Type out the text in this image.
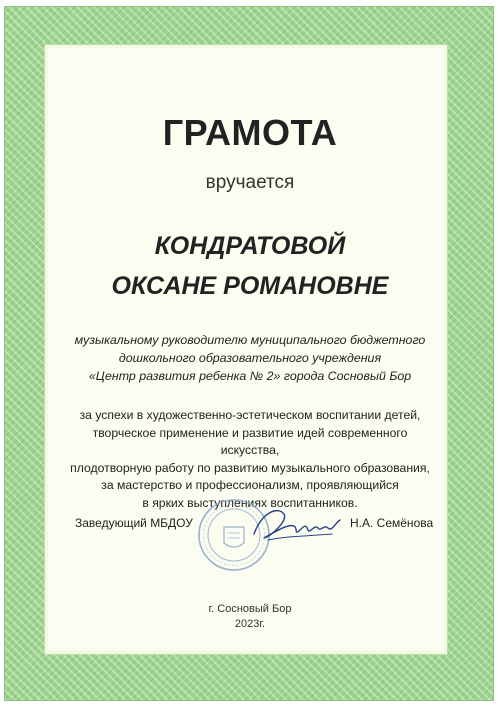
ГРАМОТА
вручается
КОНДРАТОВОЙ
ОКСАНЕ РОМАНОВНЕ
музыкальному руководителю муниципального бюджетного
дошкольного образовательного учреждения
«Центр развития ребенка № 2» города Сосновый Бор
за успехи в художественно-эстетическом воспитании детей,
творческое применение и развитие идей современного искусства,
плодотворную работу по развитию музыкального образования,
за мастерство и профессионализм, проявляющийся
в ярких выступлениях воспитанников.
Заведующий МБДОУ	Н.А. Семёнова
г. Сосновый Бор
2023г.
